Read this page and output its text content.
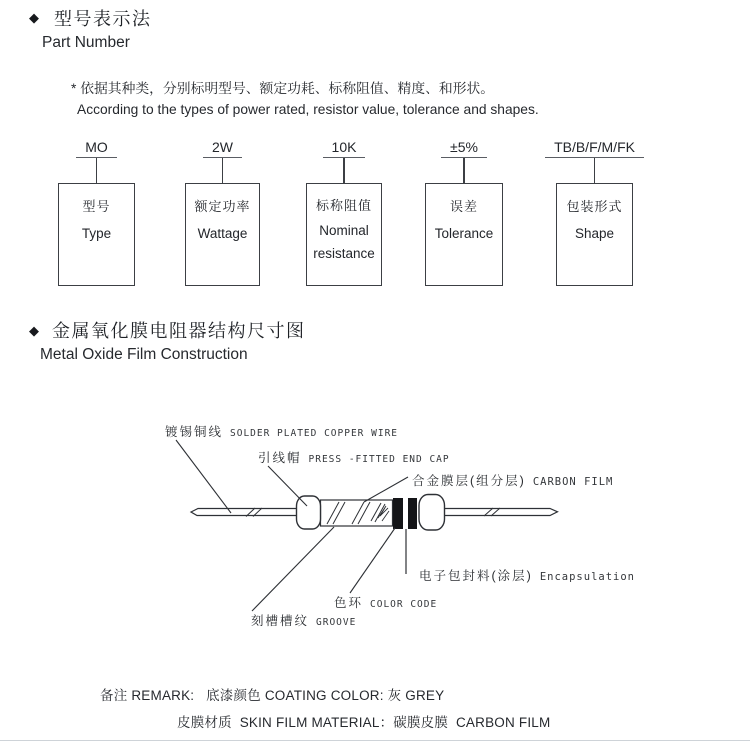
◆ 型号表示法
Part Number
* 依据其种类，分别标明型号、额定功耗、标称阻值、精度、和形状。
According to the types of power rated, resistor value, tolerance and shapes.
MO
型号
Type
2W
额定功率
Wattage
10K
标称阻值
Nominal
resistance
±5%
误差
Tolerance
TB/B/F/M/FK
包装形式
Shape
◆ 金属氧化膜电阻器结构尺寸图
Metal Oxide Film Construction
镀锡铜线 SOLDER PLATED COPPER WIRE
引线帽 PRESS -FITTED END CAP
合金膜层(组分层) CARBON FILM
电子包封料(涂层) Encapsulation
色环 COLOR CODE
刻槽槽纹 GROOVE
备注 REMARK:   底漆颜色 COATING COLOR: 灰 GREY
皮膜材质  SKIN FILM MATERIAL：碳膜皮膜  CARBON FILM
